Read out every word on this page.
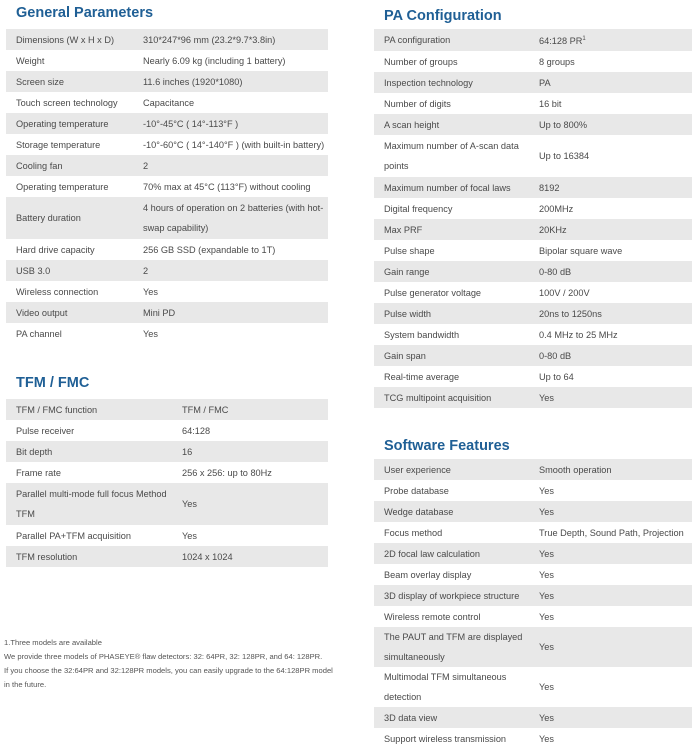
General Parameters
Dimensions (W x H x D)	310*247*96 mm (23.2*9.7*3.8in)
Weight	Nearly 6.09 kg (including 1 battery)
Screen size	11.6 inches (1920*1080)
Touch screen technology	Capacitance
Operating temperature	-10°-45°C ( 14°-113°F )
Storage temperature	-10°-60°C ( 14°-140°F ) (with built-in battery)
Cooling fan	2
Operating temperature	70% max at 45°C (113°F) without cooling
Battery duration	4 hours of operation on 2 batteries (with hot-swap capability)
Hard drive capacity	256 GB SSD (expandable to 1T)
USB 3.0	2
Wireless connection	Yes
Video output	Mini PD
PA channel	Yes
TFM / FMC
TFM / FMC function	TFM / FMC
Pulse receiver	64:128
Bit depth	16
Frame rate	256 x 256: up to 80Hz
Parallel multi-mode full focus Method TFM	Yes
Parallel PA+TFM acquisition	Yes
TFM resolution	1024 x 1024
PA Configuration
PA configuration	64:128 $PR^1$
Number of groups	8 groups
Inspection technology	PA
Number of digits	16 bit
A scan height	Up to 800%
Maximum number of A-scan data points	Up to 16384
Maximum number of focal laws	8192
Digital frequency	200MHz
Max PRF	20KHz
Pulse shape	Bipolar square wave
Gain range	0-80 dB
Pulse generator voltage	100V / 200V
Pulse width	20ns to 1250ns
System bandwidth	0.4 MHz to 25 MHz
Gain span	0-80 dB
Real-time average	Up to 64
TCG multipoint acquisition	Yes
Software Features
User experience	Smooth operation
Probe database	Yes
Wedge database	Yes
Focus method	True Depth, Sound Path, Projection
2D focal law calculation	Yes
Beam overlay display	Yes
3D display of workpiece structure	Yes
Wireless remote control	Yes
The PAUT and TFM are displayed simultaneously	Yes
Multimodal TFM simultaneous detection	Yes
3D data view	Yes
Support wireless transmission	Yes
1.Three models are available
We provide three models of PHASEYE® flaw detectors: 32: 64PR, 32: 128PR, and 64: 128PR.
If you choose the 32:64PR and 32:128PR models, you can easily upgrade to the 64:128PR model in the future.
